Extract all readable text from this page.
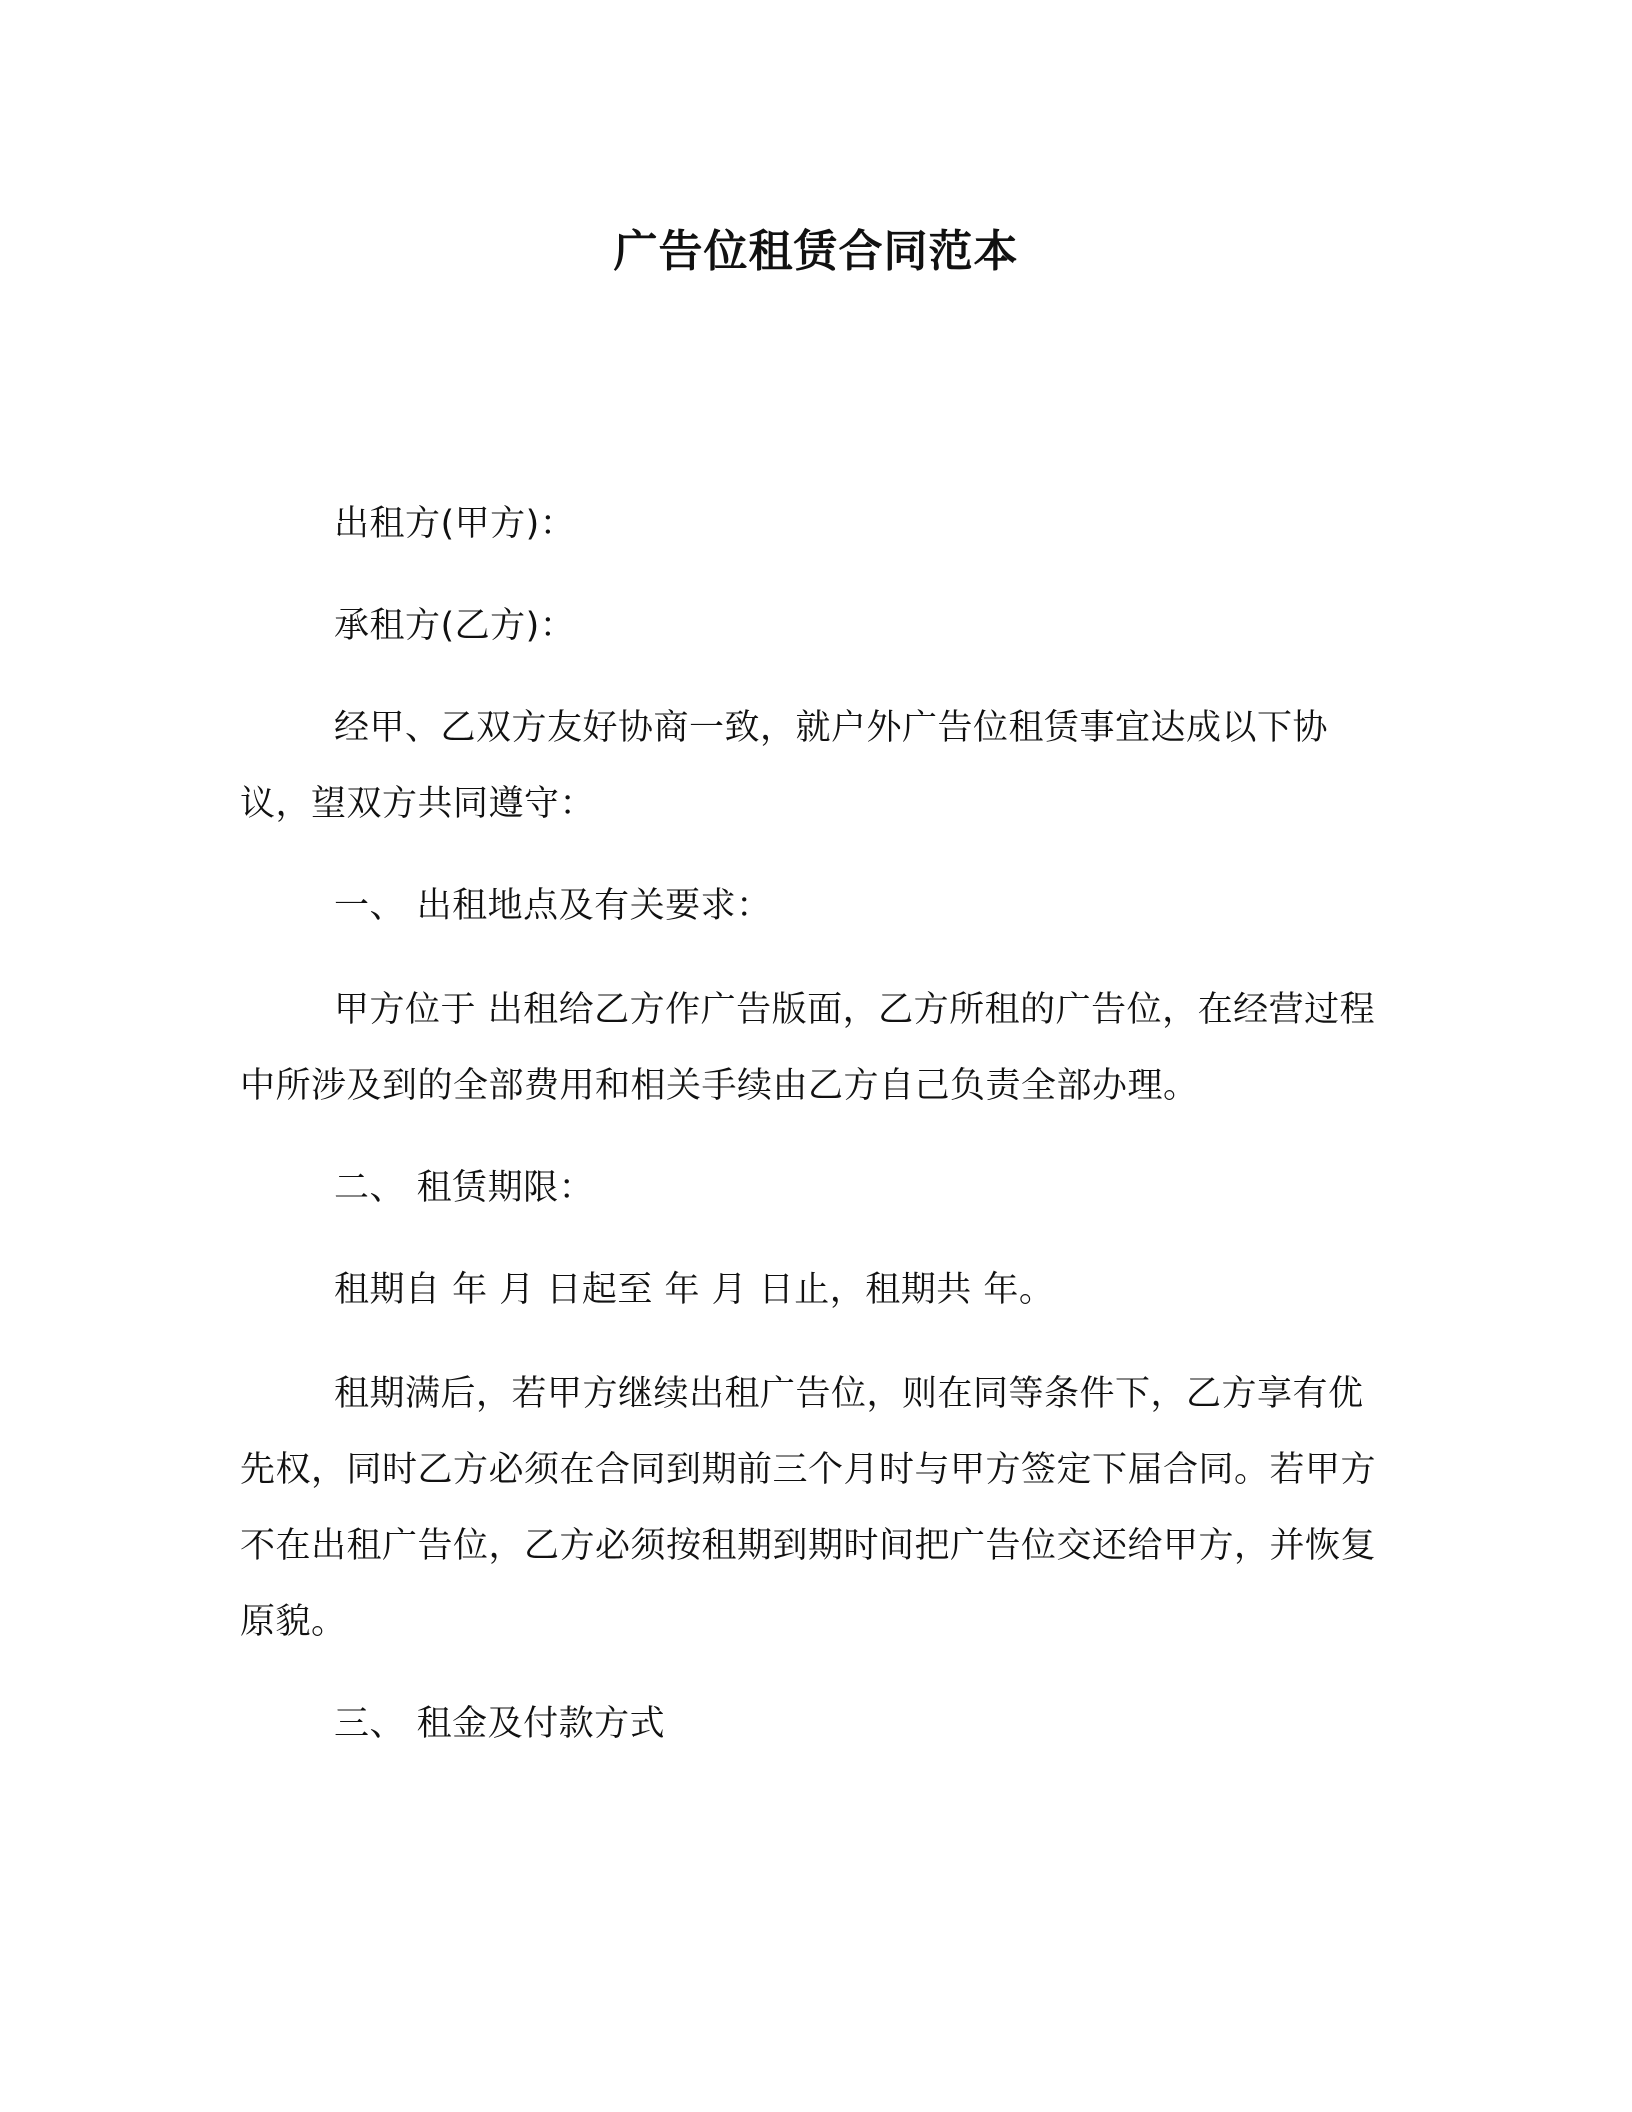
广告位租赁合同范本

出租方(甲方)：

承租方(乙方)：

经甲、乙双方友好协商一致，就户外广告位租赁事宜达成以下协议，望双方共同遵守：

一、 出租地点及有关要求：

甲方位于 出租给乙方作广告版面，乙方所租的广告位，在经营过程中所涉及到的全部费用和相关手续由乙方自己负责全部办理。

二、 租赁期限：

租期自 年 月 日起至 年 月 日止，租期共 年。

租期满后，若甲方继续出租广告位，则在同等条件下，乙方享有优先权，同时乙方必须在合同到期前三个月时与甲方签定下届合同。若甲方不在出租广告位，乙方必须按租期到期时间把广告位交还给甲方，并恢复原貌。

三、 租金及付款方式
